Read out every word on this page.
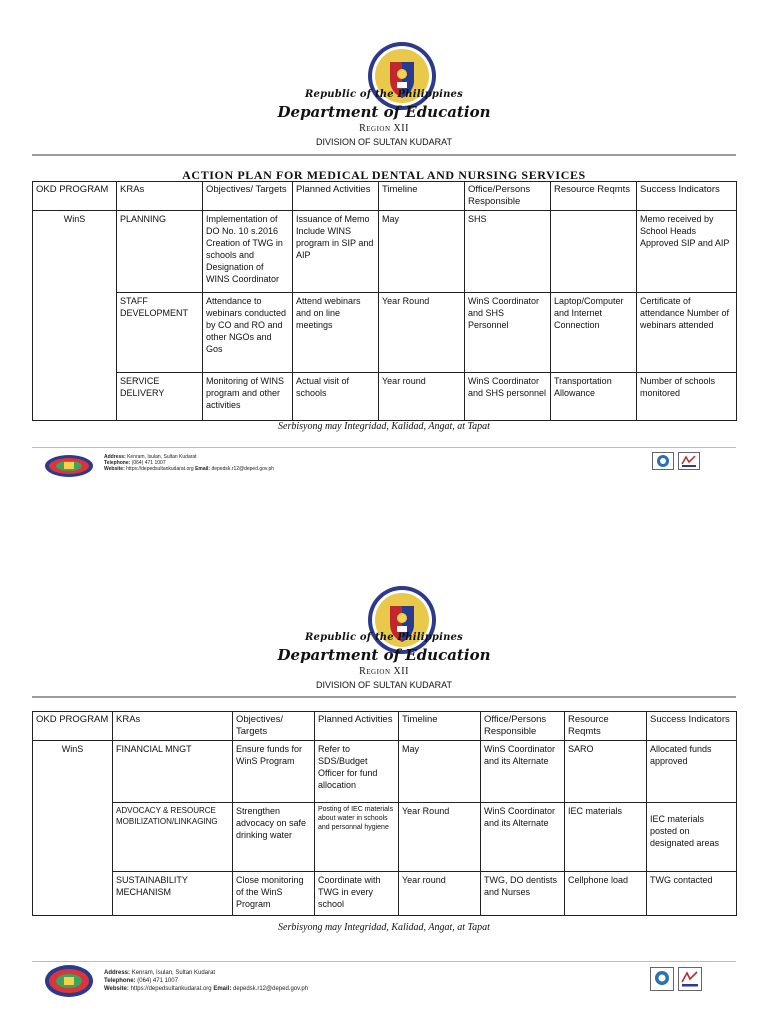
Republic of the Philippines
Department of Education
Region XII
DIVISION OF SULTAN KUDARAT
ACTION PLAN FOR MEDICAL DENTAL AND NURSING SERVICES
OKD PROGRAM	KRAs	Objectives/ Targets	Planned Activities	Timeline	Office/Persons Responsible	Resource Reqmts	Success Indicators
WinS	PLANNING	Implementation of DO No. 10 s.2016 Creation of TWG in schools and Designation of WINS Coordinator	Issuance of Memo Include WINS program in SIP and AIP	May	SHS		Memo received by School Heads Approved SIP and AIP
	STAFF DEVELOPMENT	Attendance to webinars conducted by CO and RO and other NGOs and Gos	Attend webinars and on line meetings	Year Round	WinS Coordinator and SHS Personnel	Laptop/Computer and Internet Connection	Certificate of attendance Number of webinars attended
	SERVICE DELIVERY	Monitoring of WINS program and other activities	Actual visit of schools	Year round	WinS Coordinator and SHS personnel	Transportation Allowance	Number of schools monitored
Serbisyong may Integridad, Kalidad, Angat, at Tapat
Address: Kenram, Isulan, Sultan Kudarat
Telephone: (064) 471 1007
Website: https://depedsultankudarat.org Email: depedsk.r12@deped.gov.ph
Republic of the Philippines
Department of Education
Region XII
DIVISION OF SULTAN KUDARAT
OKD PROGRAM	KRAs	Objectives/ Targets	Planned Activities	Timeline	Office/Persons Responsible	Resource Reqmts	Success Indicators
WinS	FINANCIAL MNGT	Ensure funds for WinS Program	Refer to SDS/Budget Officer for fund allocation	May	WinS Coordinator and its Alternate	SARO	Allocated funds approved
	ADVOCACY & RESOURCE MOBILIZATION/LINKAGING	Strengthen advocacy on safe drinking water	Posting of IEC materials about water in schools and personnal hygiene	Year Round	WinS Coordinator and its Alternate	IEC materials	IEC materials posted on designated areas
	SUSTAINABILITY MECHANISM	Close monitoring of the WinS Program	Coordinate with TWG in every school	Year round	TWG, DO dentists and Nurses	Cellphone load	TWG contacted
Serbisyong may Integridad, Kalidad, Angat, at Tapat
Address: Kenram, Isulan, Sultan Kudarat
Telephone: (064) 471 1007
Website: https://depedsultankudarat.org Email: depedsk.r12@deped.gov.ph
